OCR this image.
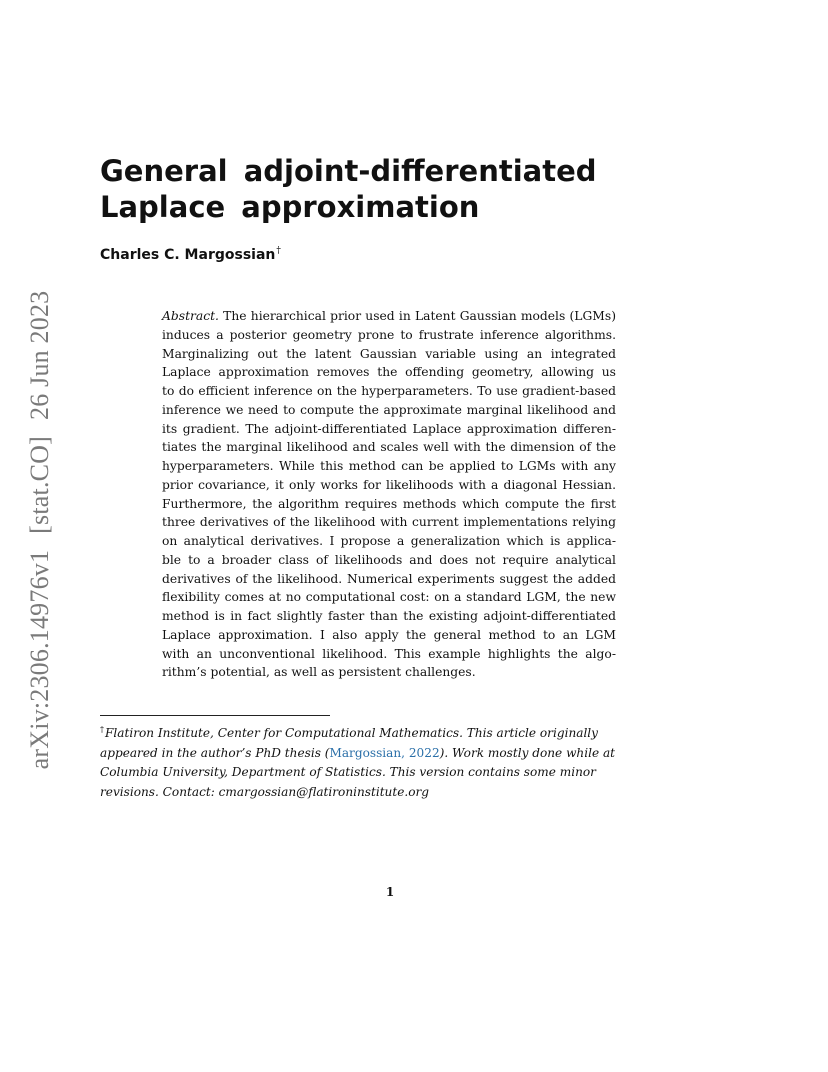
arXiv:2306.14976v1[stat.CO]26 Jun 2023
General adjoint-differentiated
Laplace approximation
Charles C. Margossian†
Abstract. The hierarchical prior used in Latent Gaussian models (LGMs)
induces a posterior geometry prone to frustrate inference algorithms.
Marginalizing out the latent Gaussian variable using an integrated
Laplace approximation removes the offending geometry, allowing us
to do efficient inference on the hyperparameters. To use gradient-based
inference we need to compute the approximate marginal likelihood and
its gradient. The adjoint-differentiated Laplace approximation differen-
tiates the marginal likelihood and scales well with the dimension of the
hyperparameters. While this method can be applied to LGMs with any
prior covariance, it only works for likelihoods with a diagonal Hessian.
Furthermore, the algorithm requires methods which compute the first
three derivatives of the likelihood with current implementations relying
on analytical derivatives. I propose a generalization which is applica-
ble to a broader class of likelihoods and does not require analytical
derivatives of the likelihood. Numerical experiments suggest the added
flexibility comes at no computational cost: on a standard LGM, the new
method is in fact slightly faster than the existing adjoint-differentiated
Laplace approximation. I also apply the general method to an LGM
with an unconventional likelihood. This example highlights the algo-
rithm’s potential, as well as persistent challenges.
†Flatiron Institute, Center for Computational Mathematics. This article originally
appeared in the author’s PhD thesis (Margossian, 2022). Work mostly done while at
Columbia University, Department of Statistics. This version contains some minor
revisions. Contact: cmargossian@flatironinstitute.org
1
